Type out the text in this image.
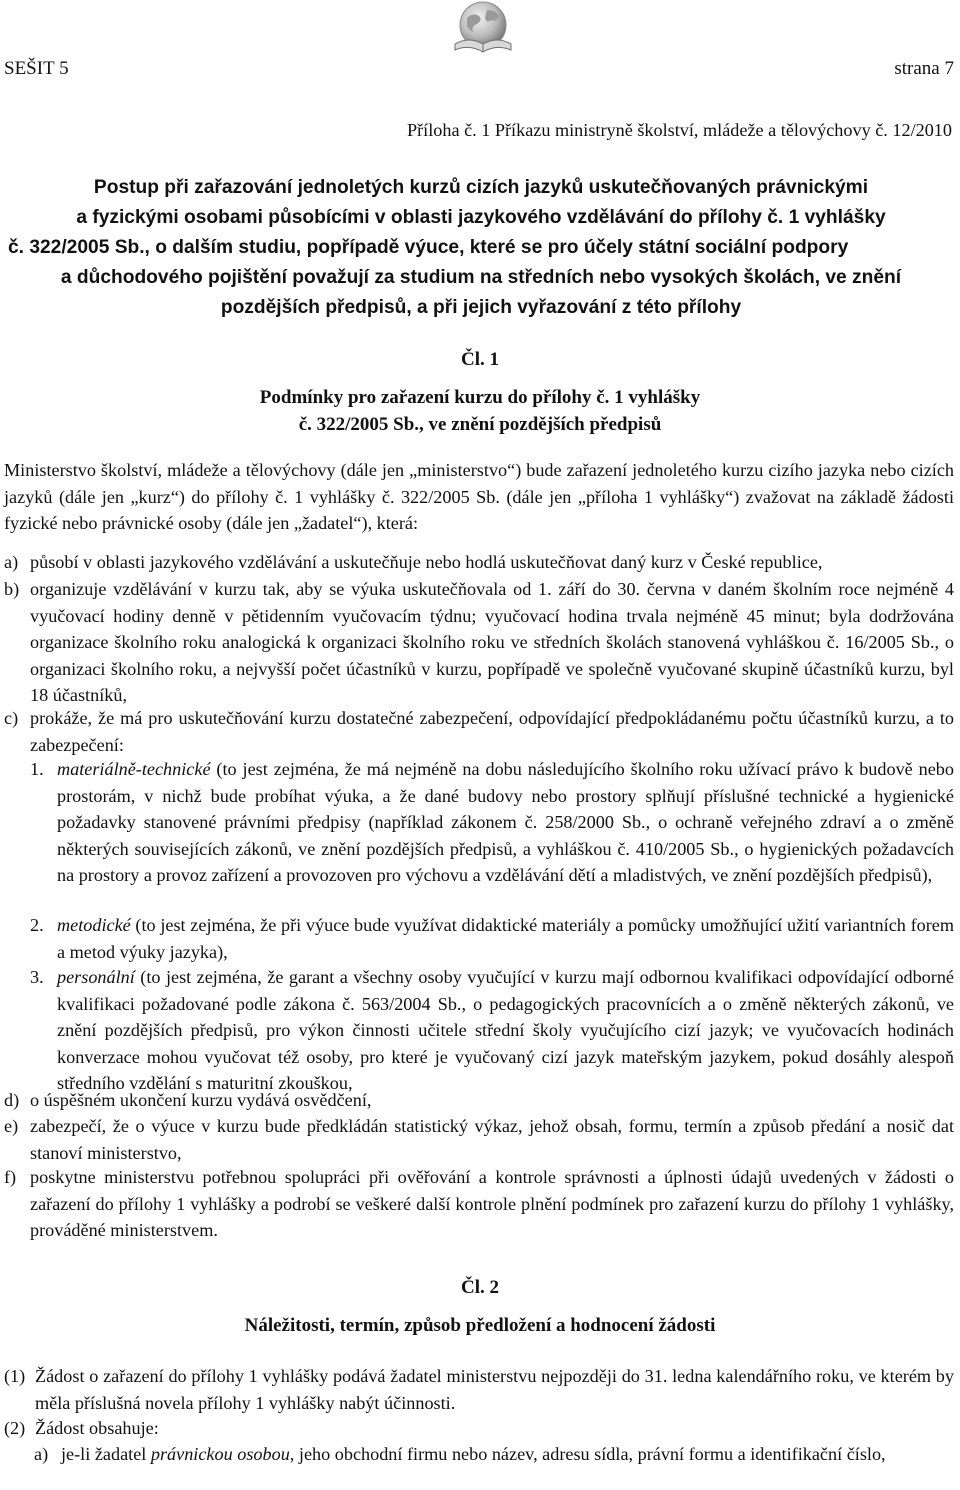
SEŠIT 5	strana 7
Příloha č. 1 Příkazu ministryně školství, mládeže a tělovýchovy č. 12/2010

Postup při zařazování jednoletých kurzů cizích jazyků uskutečňovaných právnickými

a fyzickými osobami působícími v oblasti jazykového vzdělávání do přílohy č. 1 vyhlášky

č. 322/2005 Sb., o dalším studiu, popřípadě výuce, které se pro účely státní sociální podpory

a důchodového pojištění považují za studium na středních nebo vysokých školách, ve znění

pozdějších předpisů, a při jejich vyřazování z této přílohy

Čl. 1
Podmínky pro zařazení kurzu do přílohy č. 1 vyhlášky
č. 322/2005 Sb., ve znění pozdějších předpisů

Ministerstvo školství, mládeže a tělovýchovy (dále jen „ministerstvo“) bude zařazení jednoletého kurzu cizího jazyka nebo cizích jazyků (dále jen „kurz“) do přílohy č. 1 vyhlášky č. 322/2005 Sb. (dále jen „příloha 1 vyhlášky“) zvažovat na základě žádosti fyzické nebo právnické osoby (dále jen „žadatel“), která:

a) působí v oblasti jazykového vzdělávání a uskutečňuje nebo hodlá uskutečňovat daný kurz v České republice,
b) organizuje vzdělávání v kurzu tak, aby se výuka uskutečňovala od 1. září do 30. června v daném školním roce nejméně 4 vyučovací hodiny denně v pětidenním vyučovacím týdnu; vyučovací hodina trvala nejméně 45 minut; byla dodržována organizace školního roku analogická k organizaci školního roku ve středních školách stanovená vyhláškou č. 16/2005 Sb., o organizaci školního roku, a nejvyšší počet účastníků v kurzu, popřípadě ve společně vyučované skupině účastníků kurzu, byl 18 účastníků,
c) prokáže, že má pro uskutečňování kurzu dostatečné zabezpečení, odpovídající předpokládanému počtu účastníků kurzu, a to zabezpečení:
1. materiálně-technické (to jest zejména, že má nejméně na dobu následujícího školního roku užívací právo k budově nebo prostorám, v nichž bude probíhat výuka, a že dané budovy nebo prostory splňují příslušné technické a hygienické požadavky stanovené právními předpisy (například zákonem č. 258/2000 Sb., o ochraně veřejného zdraví a o změně některých souvisejících zákonů, ve znění pozdějších předpisů, a vyhláškou č. 410/2005 Sb., o hygienických požadavcích na prostory a provoz zařízení a provozoven pro výchovu a vzdělávání dětí a mladistvých, ve znění pozdějších předpisů),
2. metodické (to jest zejména, že při výuce bude využívat didaktické materiály a pomůcky umožňující užití variantních forem a metod výuky jazyka),
3. personální (to jest zejména, že garant a všechny osoby vyučující v kurzu mají odbornou kvalifikaci odpovídající odborné kvalifikaci požadované podle zákona č. 563/2004 Sb., o pedagogických pracovnících a o změně některých zákonů, ve znění pozdějších předpisů, pro výkon činnosti učitele střední školy vyučujícího cizí jazyk; ve vyučovacích hodinách konverzace mohou vyučovat též osoby, pro které je vyučovaný cizí jazyk mateřským jazykem, pokud dosáhly alespoň středního vzdělání s maturitní zkouškou,
d) o úspěšném ukončení kurzu vydává osvědčení,
e) zabezpečí, že o výuce v kurzu bude předkládán statistický výkaz, jehož obsah, formu, termín a způsob předání a nosič dat stanoví ministerstvo,
f) poskytne ministerstvu potřebnou spolupráci při ověřování a kontrole správnosti a úplnosti údajů uvedených v žádosti o zařazení do přílohy 1 vyhlášky a podrobí se veškeré další kontrole plnění podmínek pro zařazení kurzu do přílohy 1 vyhlášky, prováděné ministerstvem.
Čl. 2
Náležitosti, termín, způsob předložení a hodnocení žádosti
(1) Žádost o zařazení do přílohy 1 vyhlášky podává žadatel ministerstvu nejpozději do 31. ledna kalendářního roku, ve kterém by měla příslušná novela přílohy 1 vyhlášky nabýt účinnosti.
(2) Žádost obsahuje:
a) je-li žadatel právnickou osobou, jeho obchodní firmu nebo název, adresu sídla, právní formu a identifikační číslo,
